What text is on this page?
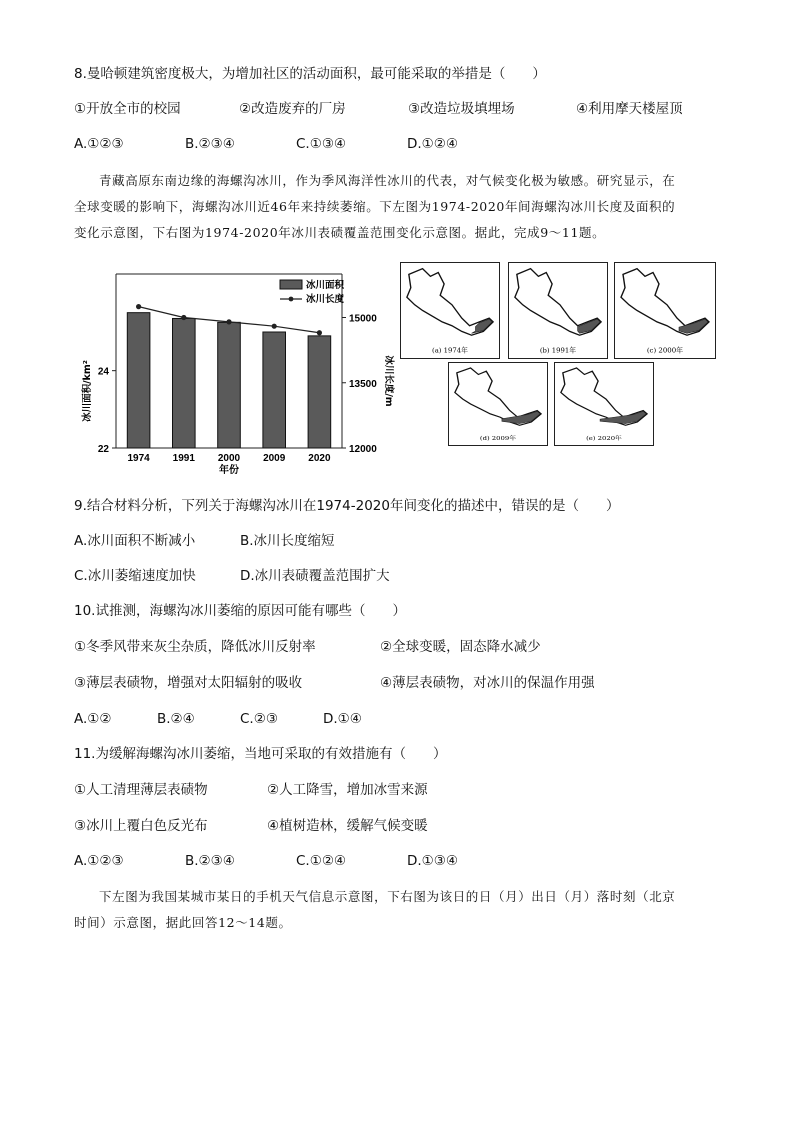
8.曼哈顿建筑密度极大，为增加社区的活动面积，最可能采取的举措是（　　）
①开放全市的校园	②改造废弃的厂房	③改造垃圾填埋场	④利用摩天楼屋顶
A.①②③	B.②③④	C.①③④	D.①②④
青藏高原东南边缘的海螺沟冰川，作为季风海洋性冰川的代表，对气候变化极为敏感。研究显示，在
全球变暖的影响下，海螺沟冰川近46年来持续萎缩。下左图为1974-2020年间海螺沟冰川长度及面积的
变化示意图，下右图为1974-2020年冰川表碛覆盖范围变化示意图。据此，完成9～11题。
22
24
12000
13500
15000
1974 1991 2000 2009 2020
年份
冰川面积/km²	冰川长度/m
冰川面积
冰川长度
(a) 1974年	(b) 1991年	(c) 2000年
(d) 2009年	(e) 2020年
9.结合材料分析，下列关于海螺沟冰川在1974-2020年间变化的描述中，错误的是（　　）
A.冰川面积不断减小	B.冰川长度缩短
C.冰川萎缩速度加快	D.冰川表碛覆盖范围扩大
10.试推测，海螺沟冰川萎缩的原因可能有哪些（　　）
①冬季风带来灰尘杂质，降低冰川反射率	②全球变暖，固态降水减少
③薄层表碛物，增强对太阳辐射的吸收	④薄层表碛物，对冰川的保温作用强
A.①②	B.②④	C.②③	D.①④
11.为缓解海螺沟冰川萎缩，当地可采取的有效措施有（　　）
①人工清理薄层表碛物	②人工降雪，增加冰雪来源
③冰川上覆白色反光布	④植树造林，缓解气候变暖
A.①②③	B.②③④	C.①②④	D.①③④
下左图为我国某城市某日的手机天气信息示意图，下右图为该日的日（月）出日（月）落时刻（北京
时间）示意图，据此回答12～14题。
